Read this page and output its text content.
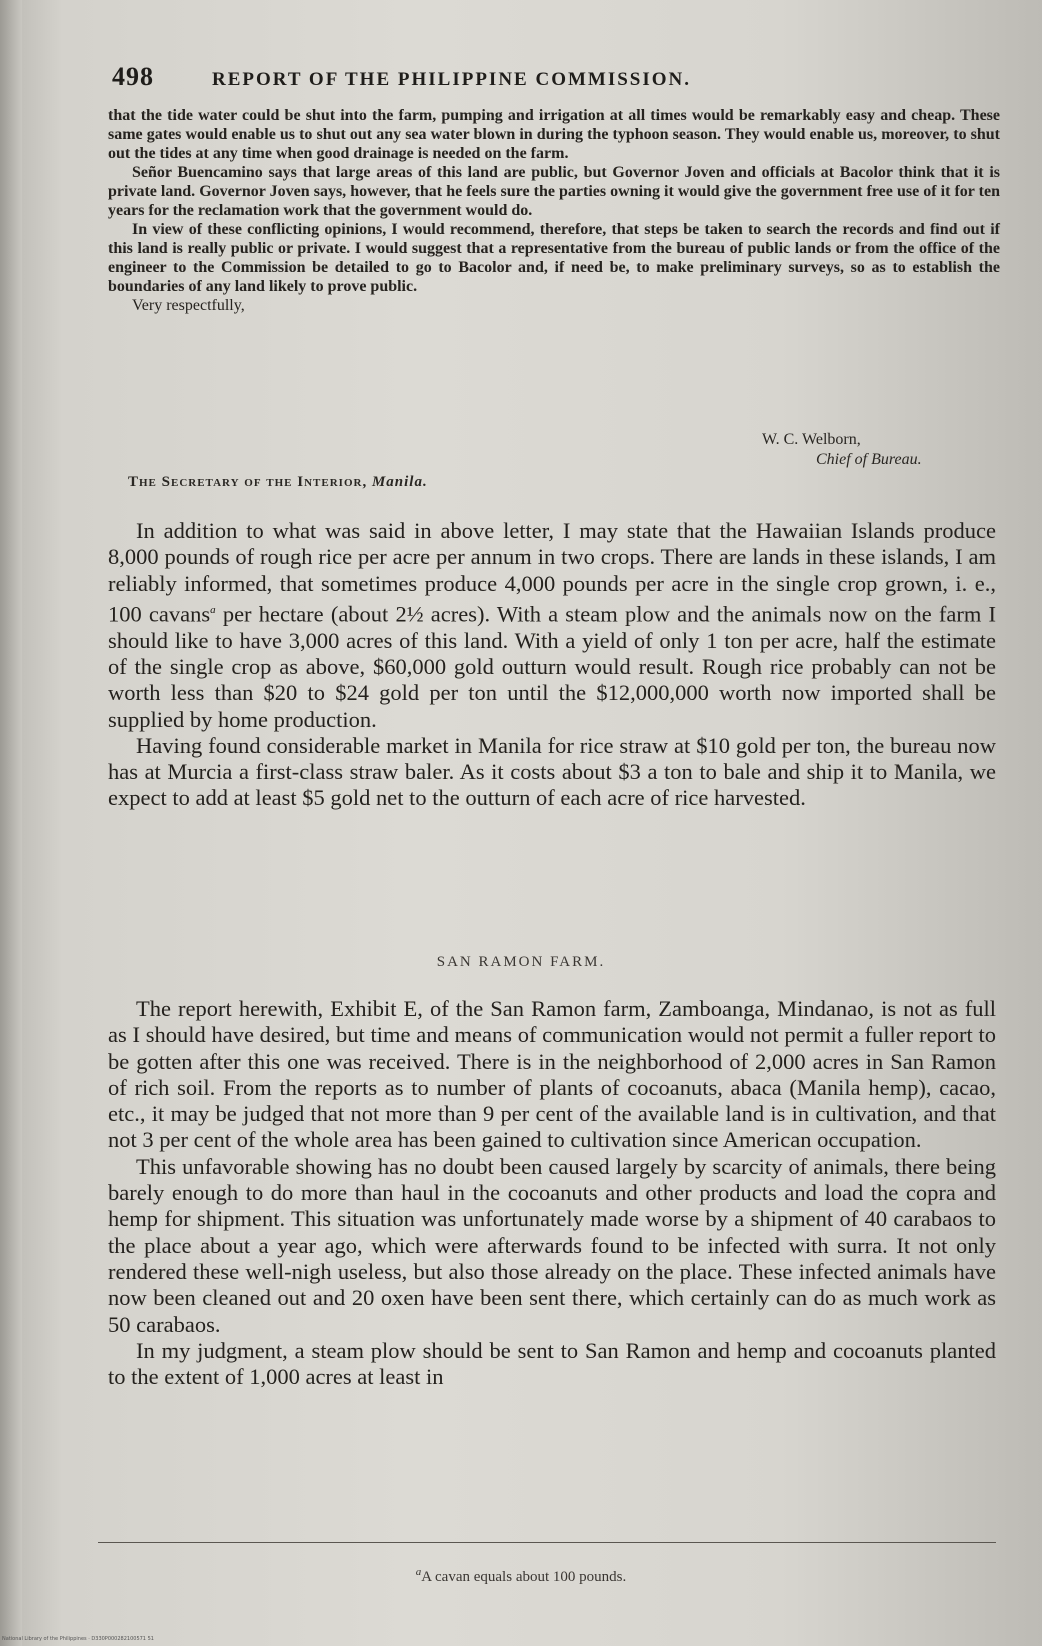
498	REPORT OF THE PHILIPPINE COMMISSION.

that the tide water could be shut into the farm, pumping and irrigation at all times would be remarkably easy and cheap. These same gates would enable us to shut out any sea water blown in during the typhoon season. They would enable us, moreover, to shut out the tides at any time when good drainage is needed on the farm.

Señor Buencamino says that large areas of this land are public, but Governor Joven and officials at Bacolor think that it is private land. Governor Joven says, however, that he feels sure the parties owning it would give the government free use of it for ten years for the reclamation work that the government would do.

In view of these conflicting opinions, I would recommend, therefore, that steps be taken to search the records and find out if this land is really public or private. I would suggest that a representative from the bureau of public lands or from the office of the engineer to the Commission be detailed to go to Bacolor and, if need be, to make preliminary surveys, so as to establish the boundaries of any land likely to prove public.

Very respectfully,

W. C. Welborn,
Chief of Bureau.
The Secretary of the Interior, Manila.

In addition to what was said in above letter, I may state that the Hawaiian Islands produce 8,000 pounds of rough rice per acre per annum in two crops. There are lands in these islands, I am reliably informed, that sometimes produce 4,000 pounds per acre in the single crop grown, i. e., 100 cavans$^a$ per hectare (about 2½ acres). With a steam plow and the animals now on the farm I should like to have 3,000 acres of this land. With a yield of only 1 ton per acre, half the estimate of the single crop as above, $60,000 gold outturn would result. Rough rice probably can not be worth less than $20 to $24 gold per ton until the $12,000,000 worth now imported shall be supplied by home production.

Having found considerable market in Manila for rice straw at $10 gold per ton, the bureau now has at Murcia a first-class straw baler. As it costs about $3 a ton to bale and ship it to Manila, we expect to add at least $5 gold net to the outturn of each acre of rice harvested.

SAN RAMON FARM.

The report herewith, Exhibit E, of the San Ramon farm, Zamboanga, Mindanao, is not as full as I should have desired, but time and means of communication would not permit a fuller report to be gotten after this one was received. There is in the neighborhood of 2,000 acres in San Ramon of rich soil. From the reports as to number of plants of cocoanuts, abaca (Manila hemp), cacao, etc., it may be judged that not more than 9 per cent of the available land is in cultivation, and that not 3 per cent of the whole area has been gained to cultivation since American occupation.

This unfavorable showing has no doubt been caused largely by scarcity of animals, there being barely enough to do more than haul in the cocoanuts and other products and load the copra and hemp for shipment. This situation was unfortunately made worse by a shipment of 40 carabaos to the place about a year ago, which were afterwards found to be infected with surra. It not only rendered these well-nigh useless, but also those already on the place. These infected animals have now been cleaned out and 20 oxen have been sent there, which certainly can do as much work as 50 carabaos.

In my judgment, a steam plow should be sent to San Ramon and hemp and cocoanuts planted to the extent of 1,000 acres at least in

$^a$A cavan equals about 100 pounds.
National Library of the Philippines · D330P000282100571 51
